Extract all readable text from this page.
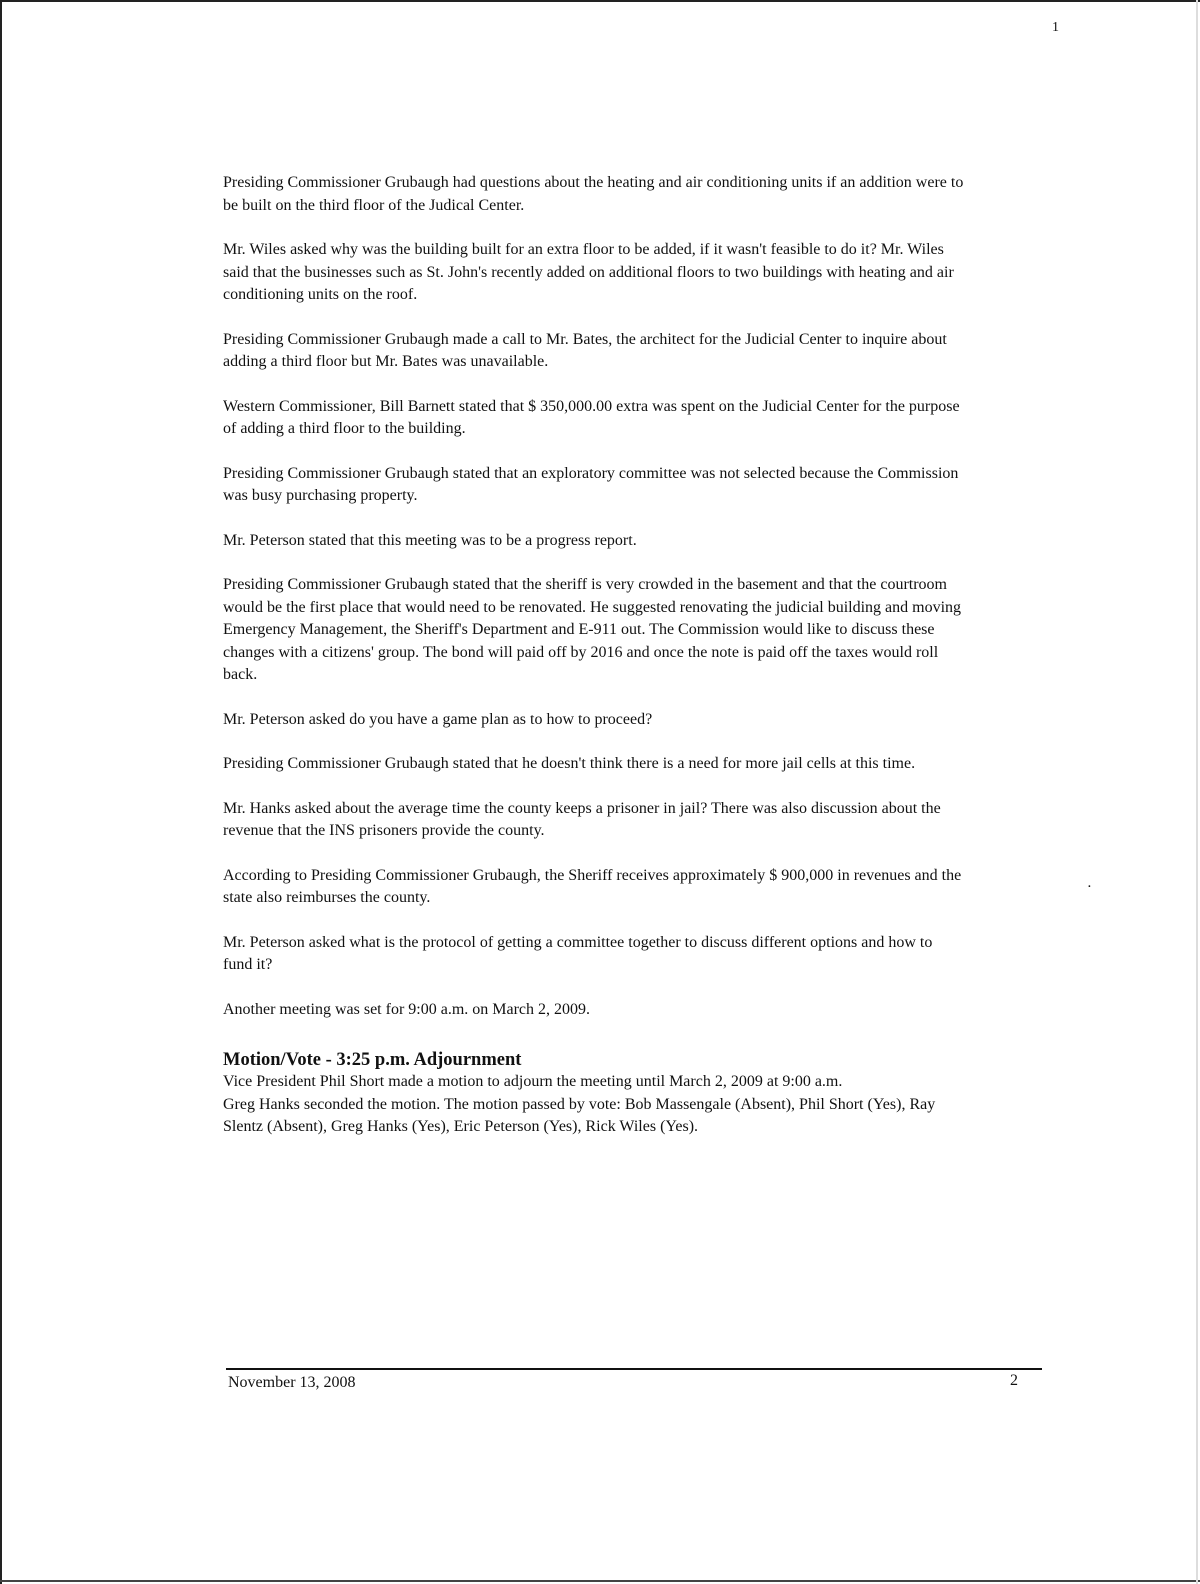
1
⋅

Presiding Commissioner Grubaugh had questions about the heating and air conditioning units if an addition were to be built on the third floor of the Judical Center.

Mr. Wiles asked why was the building built for an extra floor to be added, if it wasn't feasible to do it? Mr. Wiles said that the businesses such as St. John's recently added on additional floors to two buildings with heating and air conditioning units on the roof.

Presiding Commissioner Grubaugh made a call to Mr. Bates, the architect for the Judicial Center to inquire about adding a third floor but Mr. Bates was unavailable.

Western Commissioner, Bill Barnett stated that $ 350,000.00 extra was spent on the Judicial Center for the purpose of adding a third floor to the building.

Presiding Commissioner Grubaugh stated that an exploratory committee was not selected because the Commission was busy purchasing property.

Mr. Peterson stated that this meeting was to be a progress report.

Presiding Commissioner Grubaugh stated that the sheriff is very crowded in the basement and that the courtroom would be the first place that would need to be renovated. He suggested renovating the judicial building and moving Emergency Management, the Sheriff's Department and E-911 out. The Commission would like to discuss these changes with a citizens' group. The bond will paid off by 2016 and once the note is paid off the taxes would roll back.

Mr. Peterson asked do you have a game plan as to how to proceed?

Presiding Commissioner Grubaugh stated that he doesn't think there is a need for more jail cells at this time.

Mr. Hanks asked about the average time the county keeps a prisoner in jail? There was also discussion about the revenue that the INS prisoners provide the county.

According to Presiding Commissioner Grubaugh, the Sheriff receives approximately $ 900,000 in revenues and the state also reimburses the county.

Mr. Peterson asked what is the protocol of getting a committee together to discuss different options and how to fund it?

Another meeting was set for 9:00 a.m. on March 2, 2009.

Motion/Vote - 3:25 p.m. Adjournment

Vice President Phil Short made a motion to adjourn the meeting until March 2, 2009 at 9:00 a.m.

Greg Hanks seconded the motion. The motion passed by vote: Bob Massengale (Absent), Phil Short (Yes), Ray Slentz (Absent), Greg Hanks (Yes), Eric Peterson (Yes), Rick Wiles (Yes).

November 13, 2008	2
